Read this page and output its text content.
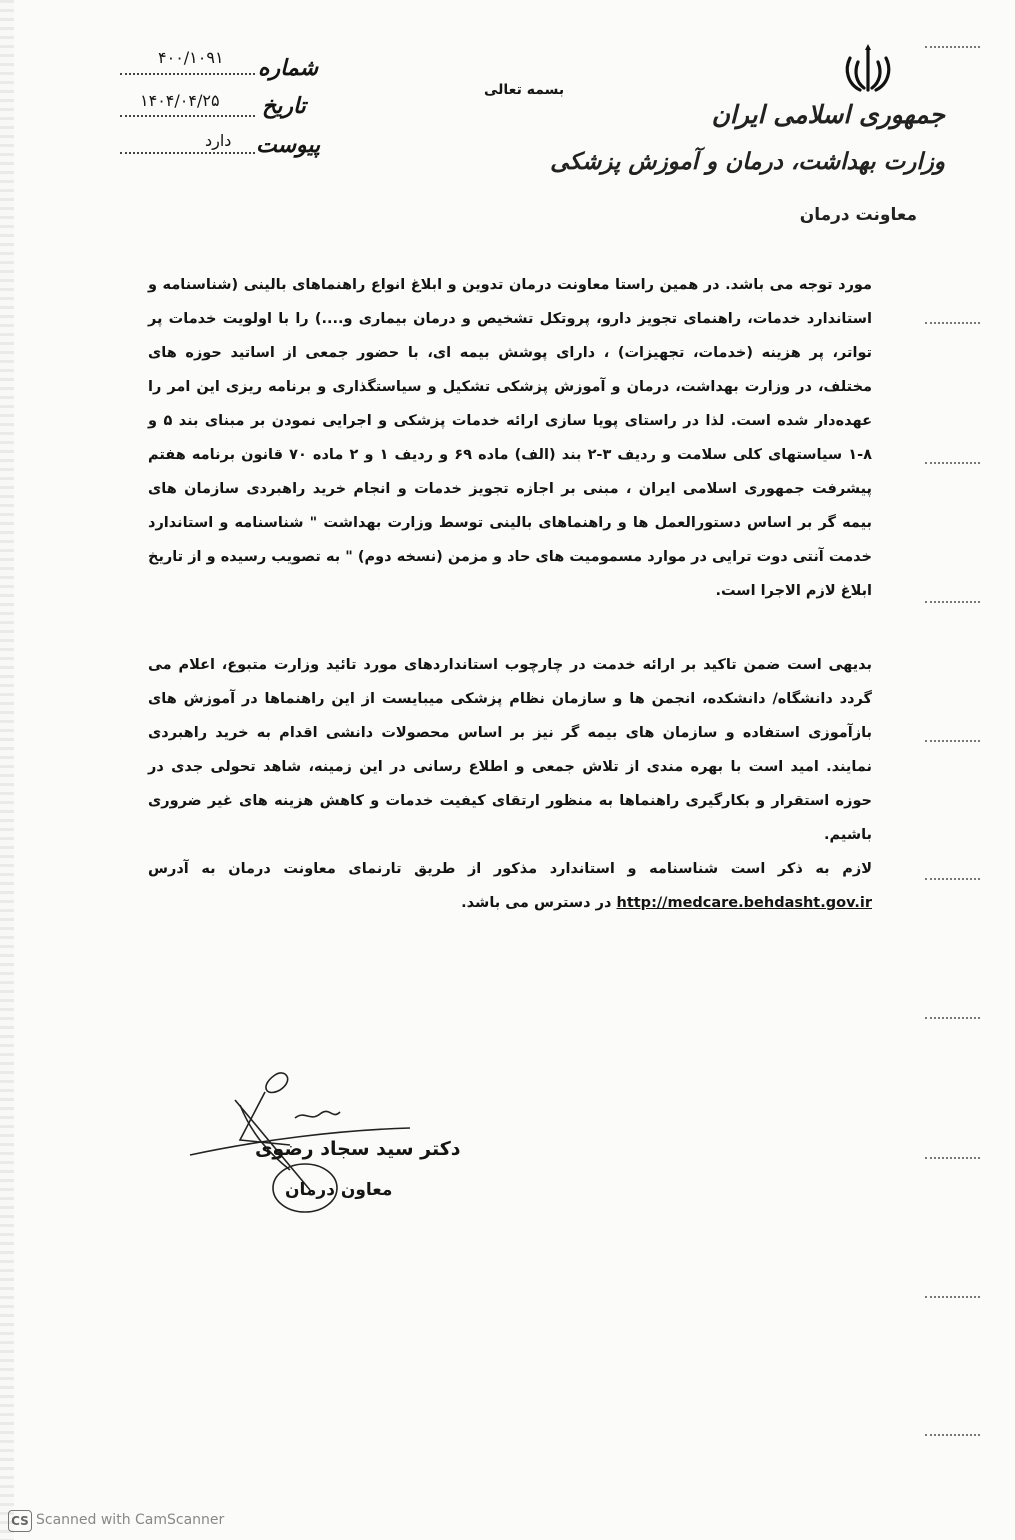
جمهوری اسلامی ایران
وزارت بهداشت، درمان و آموزش پزشکی
معاونت درمان
بسمه تعالی
شماره
۴۰۰/۱۰۹۱
تاریخ
۱۴۰۴/۰۴/۲۵
پیوست
دارد

مورد توجه می باشد. در همین راستا معاونت درمان تدوین و ابلاغ انواع راهنماهای بالینی (شناسنامه و استاندارد خدمات، راهنمای تجویز دارو، پروتکل تشخیص و درمان بیماری و....) را با اولویت خدمات پر تواتر، پر هزینه (خدمات، تجهیزات) ، دارای پوشش بیمه ای، با حضور جمعی از اساتید حوزه های مختلف، در وزارت بهداشت، درمان و آموزش پزشکی تشکیل و سیاستگذاری و برنامه ریزی این امر را عهده‌دار شده است. لذا در راستای پویا سازی ارائه خدمات پزشکی و اجرایی نمودن بر مبنای بند ۵ و ۸-۱ سیاستهای کلی سلامت و ردیف ۳-۲ بند (الف) ماده ۶۹ و ردیف ۱ و ۲ ماده ۷۰ قانون برنامه هفتم پیشرفت جمهوری اسلامی ایران ، مبنی بر اجازه تجویز خدمات و انجام خرید راهبردی سازمان های بیمه گر بر اساس دستورالعمل ها و راهنماهای بالینی توسط وزارت بهداشت " شناسنامه و استاندارد خدمت آنتی دوت ترایی در موارد مسمومیت های حاد و مزمن (نسخه دوم) " به تصویب رسیده و از تاریخ ابلاغ لازم الاجرا است.

بدیهی است ضمن تاکید بر ارائه خدمت در چارچوب استانداردهای مورد تائید وزارت متبوع، اعلام می گردد دانشگاه/ دانشکده، انجمن ها و سازمان نظام پزشکی میبایست از این راهنماها در آموزش های بازآموزی استفاده و سازمان های بیمه گر نیز بر اساس محصولات دانشی اقدام به خرید راهبردی نمایند. امید است با بهره مندی از تلاش جمعی و اطلاع رسانی در این زمینه، شاهد تحولی جدی در حوزه استقرار و بکارگیری راهنماها به منظور ارتقای کیفیت خدمات و کاهش هزینه های غیر ضروری باشیم.

لازم به ذکر است شناسنامه و استاندارد مذکور از طریق تارنمای معاونت درمان به آدرس http://medcare.behdasht.gov.ir در دسترس می باشد.

دکتر سید سجاد رضوی
معاون درمان
CS Scanned with CamScanner
